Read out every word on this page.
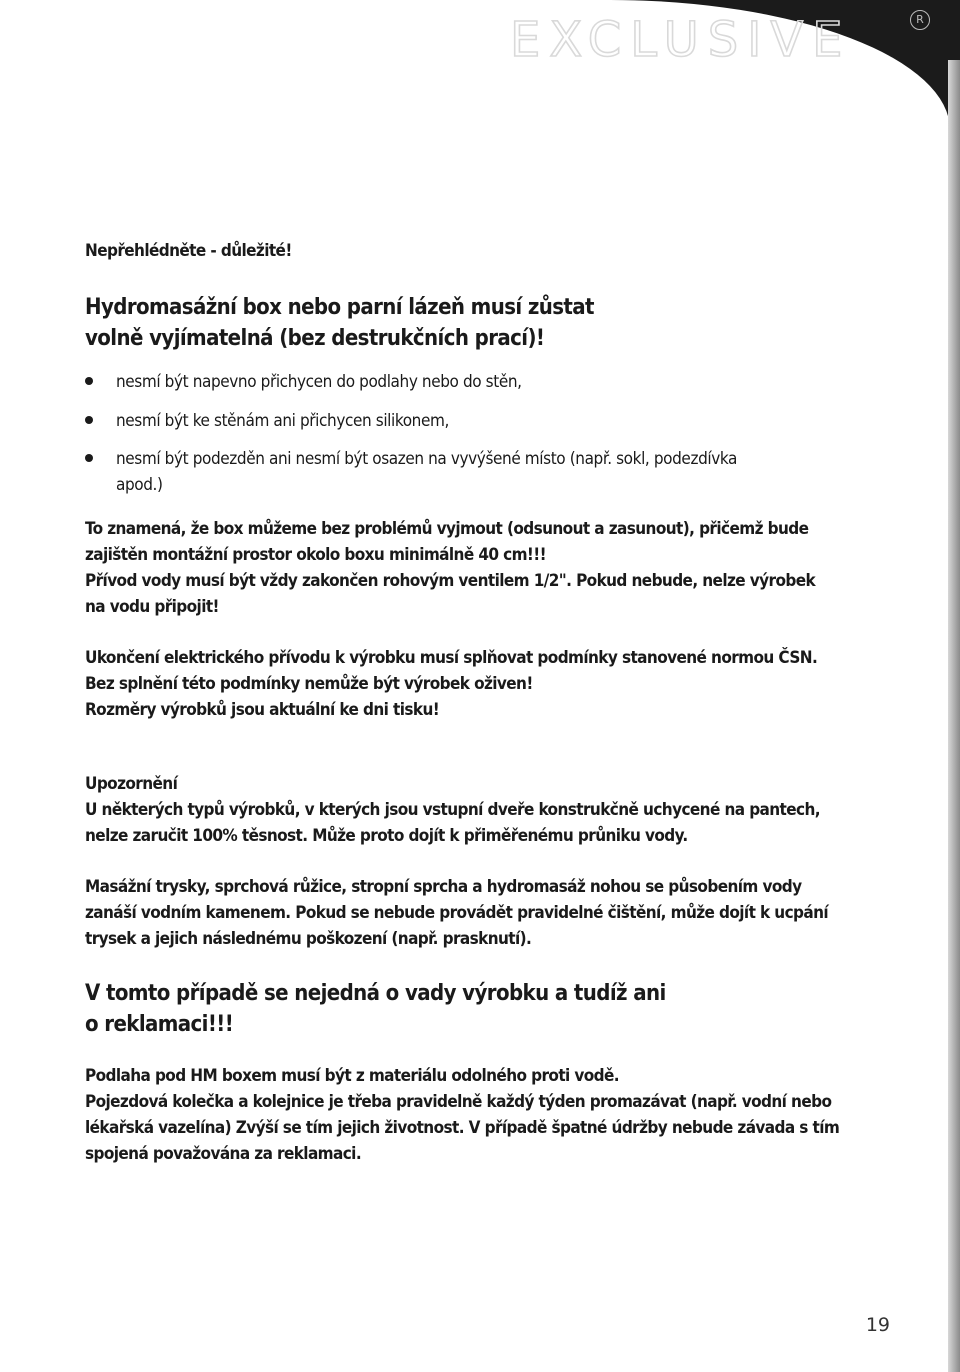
EXCLUSIVE	R

Nepřehlédněte - důležité!

Hydromasážní box nebo parní lázeň musí zůstat

volně vyjímatelná (bez destrukčních prací)!

nesmí být napevno přichycen do podlahy nebo do stěn,
nesmí být ke stěnám ani přichycen silikonem,
nesmí být podezděn ani nesmí být osazen na vyvýšené místo (např. sokl, podezdívka
apod.)

To znamená, že box můžeme bez problémů vyjmout (odsunout a zasunout), přičemž bude

zajištěn montážní prostor okolo boxu minimálně 40 cm!!!

Přívod vody musí být vždy zakončen rohovým ventilem 1/2". Pokud nebude, nelze výrobek

na vodu připojit!

Ukončení elektrického přívodu k výrobku musí splňovat podmínky stanovené normou ČSN.

Bez splnění této podmínky nemůže být výrobek oživen!

Rozměry výrobků jsou aktuální ke dni tisku!

Upozornění

U některých typů výrobků, v kterých jsou vstupní dveře konstrukčně uchycené na pantech,

nelze zaručit 100% těsnost. Může proto dojít k přiměřenému průniku vody.

Masážní trysky, sprchová růžice, stropní sprcha a hydromasáž nohou se působením vody

zanáší vodním kamenem. Pokud se nebude provádět pravidelné čištění, může dojít k ucpání

trysek a jejich následnému poškození (např. prasknutí).

V tomto případě se nejedná o vady výrobku a tudíž ani

o reklamaci!!!

Podlaha pod HM boxem musí být z materiálu odolného proti vodě.

Pojezdová kolečka a kolejnice je třeba pravidelně každý týden promazávat (např. vodní nebo

lékařská vazelína) Zvýší se tím jejich životnost. V případě špatné údržby nebude závada s tím

spojená považována za reklamaci.

19
